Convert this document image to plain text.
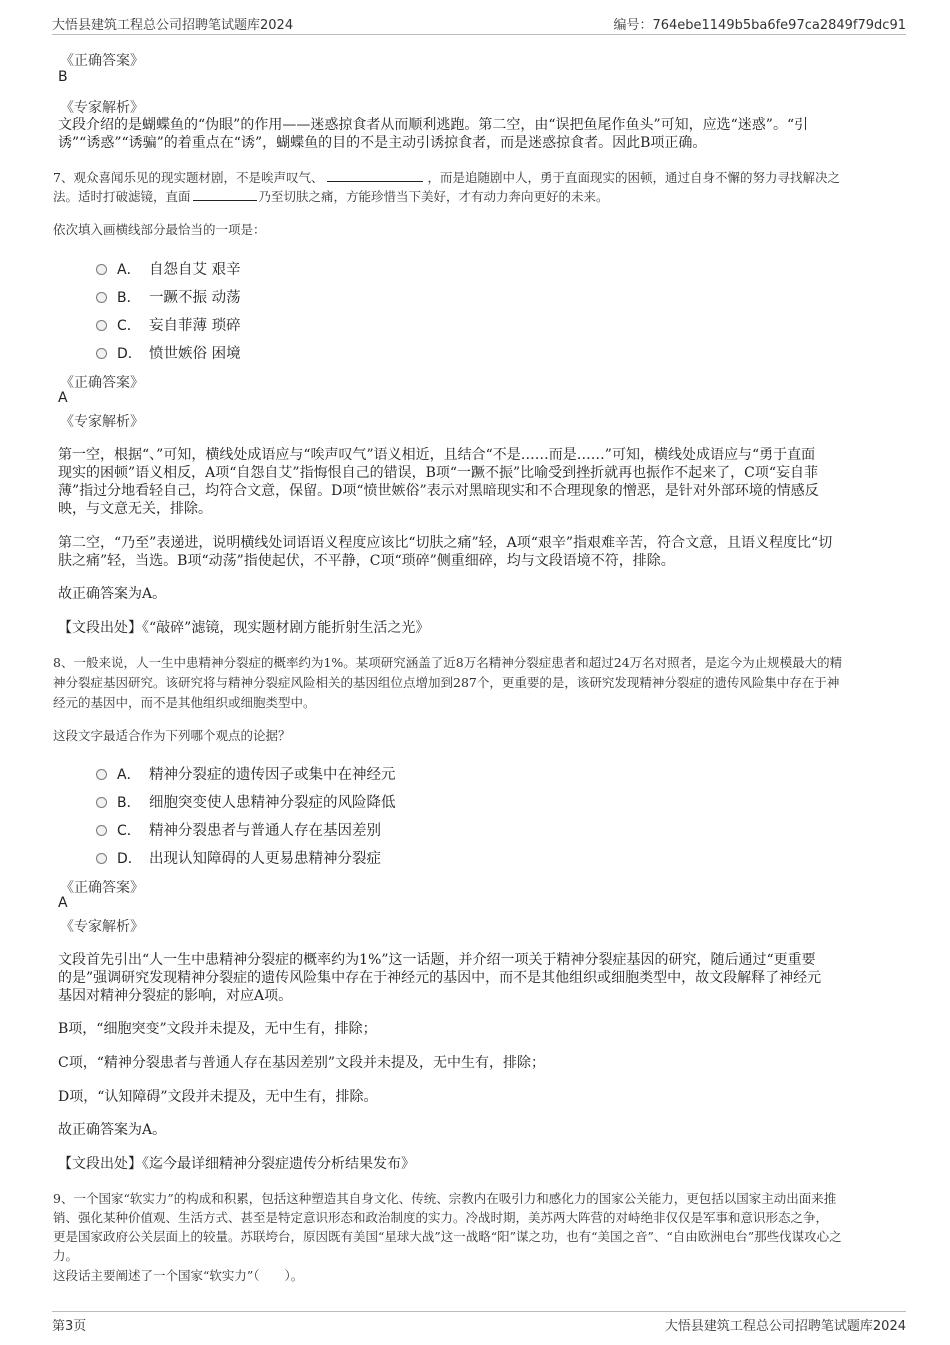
大悟县建筑工程总公司招聘笔试题库2024	编号：764ebe1149b5ba6fe97ca2849f79dc91
《正确答案》
B
《专家解析》
文段介绍的是蝴蝶鱼的“伪眼”的作用——迷惑掠食者从而顺利逃跑。第二空，由“误把鱼尾作鱼头”可知，应选“迷惑”。“引
诱”“诱惑”“诱骗”的着重点在“诱”，蝴蝶鱼的目的不是主动引诱掠食者，而是迷惑掠食者。因此B项正确。
7、观众喜闻乐见的现实题材剧，不是唉声叹气、	，而是追随剧中人，勇于直面现实的困顿，通过自身不懈的努力寻找解决之
法。适时打破滤镜，直面	乃至切肤之痛，方能珍惜当下美好，才有动力奔向更好的未来。
依次填入画横线部分最恰当的一项是：
A． 自怨自艾 艰辛
B． 一蹶不振 动荡
C． 妄自菲薄 琐碎
D． 愤世嫉俗 困境
《正确答案》
A
《专家解析》
第一空，根据“、”可知，横线处成语应与“唉声叹气”语义相近，且结合“不是……而是……”可知，横线处成语应与“勇于直面
现实的困顿”语义相反，A项“自怨自艾”指悔恨自己的错误，B项“一蹶不振”比喻受到挫折就再也振作不起来了，C项“妄自菲
薄”指过分地看轻自己，均符合文意，保留。D项“愤世嫉俗”表示对黑暗现实和不合理现象的憎恶，是针对外部环境的情感反
映，与文意无关，排除。
第二空，“乃至”表递进，说明横线处词语语义程度应该比“切肤之痛”轻，A项“艰辛”指艰难辛苦，符合文意，且语义程度比“切
肤之痛”轻，当选。B项“动荡”指使起伏，不平静，C项“琐碎”侧重细碎，均与文段语境不符，排除。
故正确答案为A。
【文段出处】《“敲碎”滤镜，现实题材剧方能折射生活之光》
8、一般来说，人一生中患精神分裂症的概率约为1%。某项研究涵盖了近8万名精神分裂症患者和超过24万名对照者，是迄今为止规模最大的精
神分裂症基因研究。该研究将与精神分裂症风险相关的基因组位点增加到287个，更重要的是，该研究发现精神分裂症的遗传风险集中存在于神
经元的基因中，而不是其他组织或细胞类型中。
这段文字最适合作为下列哪个观点的论据？
A． 精神分裂症的遗传因子或集中在神经元
B． 细胞突变使人患精神分裂症的风险降低
C． 精神分裂患者与普通人存在基因差别
D． 出现认知障碍的人更易患精神分裂症
《正确答案》
A
《专家解析》
文段首先引出“人一生中患精神分裂症的概率约为1%”这一话题，并介绍一项关于精神分裂症基因的研究，随后通过“更重要
的是”强调研究发现精神分裂症的遗传风险集中存在于神经元的基因中，而不是其他组织或细胞类型中，故文段解释了神经元
基因对精神分裂症的影响，对应A项。
B项，“细胞突变”文段并未提及，无中生有，排除；
C项，“精神分裂患者与普通人存在基因差别”文段并未提及，无中生有，排除；
D项，“认知障碍”文段并未提及，无中生有，排除。
故正确答案为A。
【文段出处】《迄今最详细精神分裂症遗传分析结果发布》
9、一个国家“软实力”的构成和积累，包括这种塑造其自身文化、传统、宗教内在吸引力和感化力的国家公关能力，更包括以国家主动出面来推
销、强化某种价值观、生活方式、甚至是特定意识形态和政治制度的实力。冷战时期，美苏两大阵营的对峙绝非仅仅是军事和意识形态之争，
更是国家政府公关层面上的较量。苏联垮台，原因既有美国“星球大战”这一战略“阳”谋之功，也有“美国之音”、“自由欧洲电台”那些伐谋攻心之
力。
这段话主要阐述了一个国家“软实力”（　　）。
第3页	大悟县建筑工程总公司招聘笔试题库2024
